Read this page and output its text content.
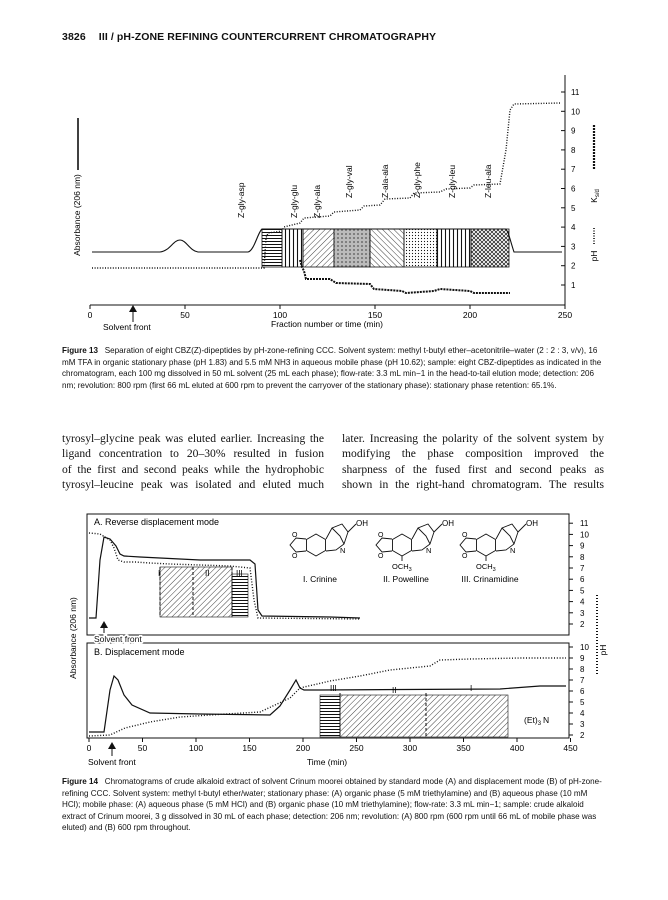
3826 III / pH-ZONE REFINING COUNTERCURRENT CHROMATOGRAPHY
0	50	100	150	200	250
1
2
3
4
5
6
7
8
9
10
11
Absorbance (206 nm)
pH
$K_{s/d}$
Solvent front	Fraction number or time (min)
Z-gly-asp	Z-gly-glu Z-gly-ala
Z-gly-val	Z-ala-ala	Z-gly-phe	Z-gly-leu	Z-leu-ala
Figure 13 Separation of eight CBZ(Z)-dipeptides by pH-zone-refining CCC. Solvent system: methyl t-butyl ether–acetonitrile–water (2 : 2 : 3, v/v), 16 mM TFA in organic stationary phase (pH 1.83) and 5.5 mM NH3 in aqueous mobile phase (pH 10.62); sample: eight CBZ-dipeptides as indicated in the chromatogram, each 100 mg dissolved in 50 mL solvent (25 mL each phase); flow-rate: 3.3 mL min−1 in the head-to-tail elution mode; detection: 206 nm; revolution: 800 rpm (first 66 mL eluted at 600 rpm to prevent the carryover of the stationary phase): stationary phase retention: 65.1%.
tyrosyl–glycine peak was eluted earlier. Increasing the
ligand concentration to 20–30% resulted in fusion
of the first and second peaks while the hydrophobic
tyrosyl–leucine peak was isolated and eluted much
later. Increasing the polarity of the solvent system by
modifying the phase composition improved the
sharpness of the fused first and second peaks as
shown in the right-hand chromatogram. The results
A. Reverse displacement mode
B. Displacement mode
0	50	100	150	200	250	300	350	400	450
2
3
4
5
6
7
8
9
10
11
2
3
4
5
6
7
8
9
10
Absorbance (206 nm)	pH
I	II	III
Solvent front
III	II	I
$(Et)_3$ N
Solvent front	Time (min)
O
O
OH
N
I. Crinine
O
O
OH
N
$OCH_3$
II. Powelline
O
O
OH
N
$OCH_3$
III. Crinamidine
Figure 14 Chromatograms of crude alkaloid extract of solvent Crinum moorei obtained by standard mode (A) and displacement mode (B) of pH-zone-refining CCC. Solvent system: methyl t-butyl ether/water; stationary phase: (A) organic phase (5 mM triethylamine) and (B) aqueous phase (10 mM HCl); mobile phase: (A) aqueous phase (5 mM HCl) and (B) organic phase (10 mM triethylamine); flow-rate: 3.3 mL min−1; sample: crude alkaloid extract of Crinum moorei, 3 g dissolved in 30 mL of each phase; detection: 206 nm; revolution: (A) 800 rpm (600 rpm until 66 mL of mobile phase was eluted) and (B) 600 rpm throughout.
